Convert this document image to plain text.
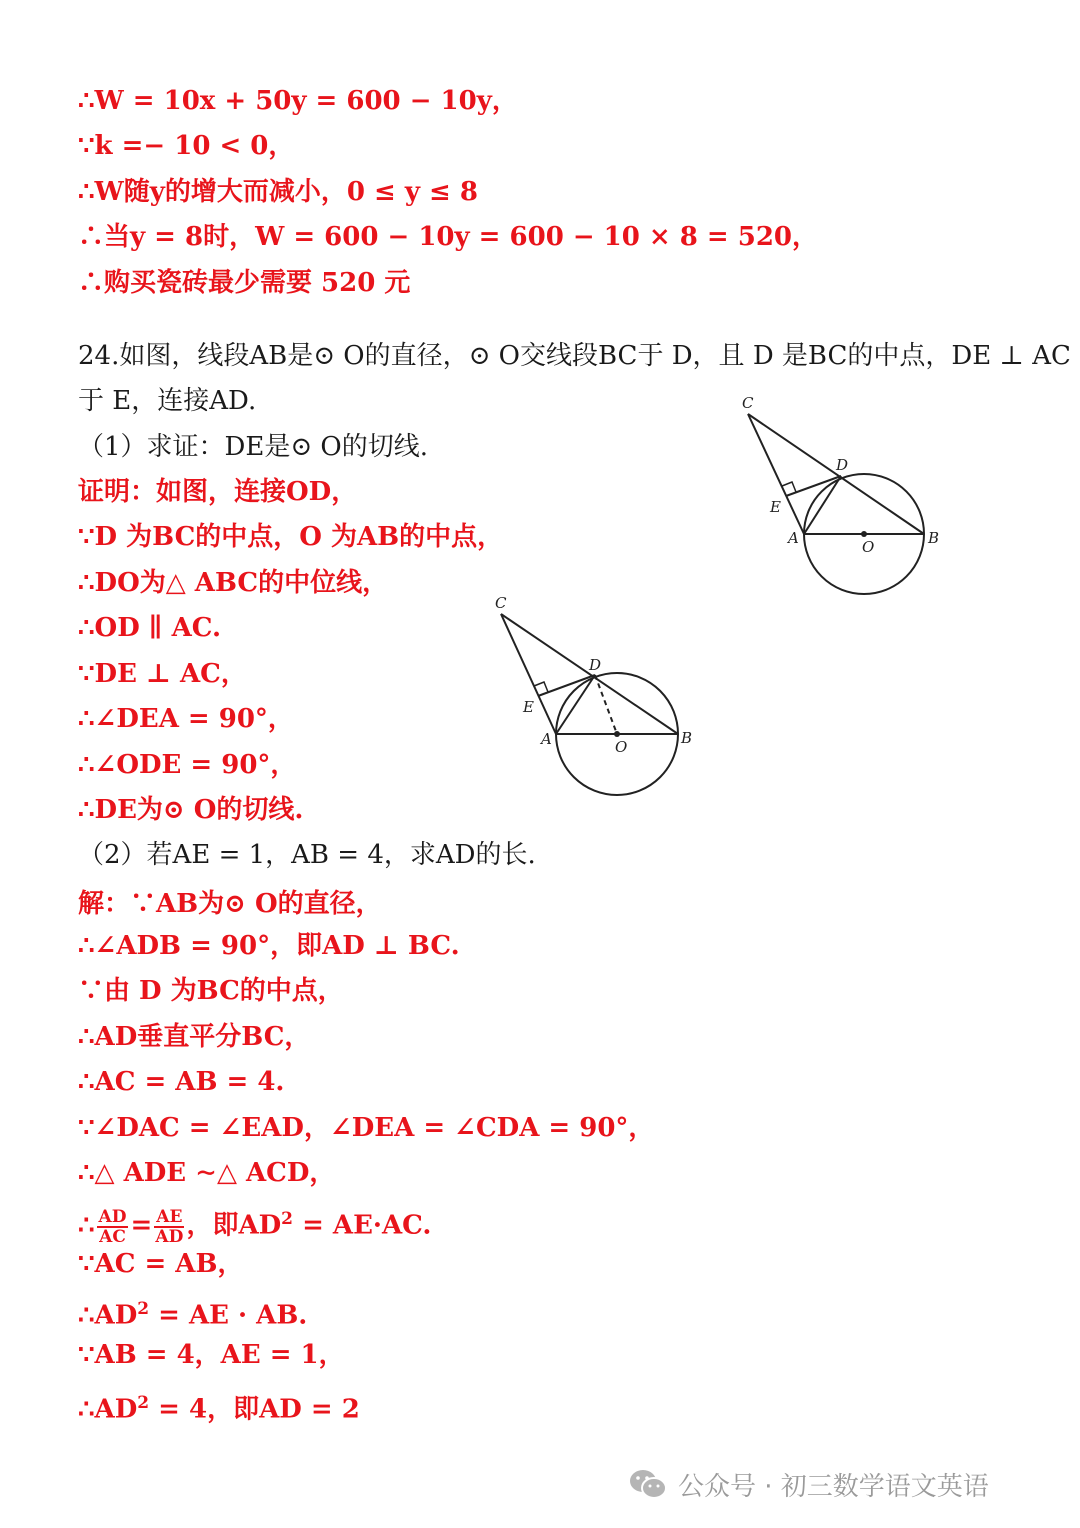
∴W = 10x + 50y = 600 − 10y，
∵k =− 10 < 0，
∴W随y的增大而减小，0 ≤ y ≤ 8
∴当y = 8时，W = 600 − 10y = 600 − 10 × 8 = 520，
∴购买瓷砖最少需要 520 元
24.如图，线段AB是⊙ O的直径，⊙ O交线段BC于 D，且 D 是BC的中点，DE ⊥ AC
于 E，连接AD.
（1）求证：DE是⊙ O的切线.
证明：如图，连接OD，
∵D 为BC的中点，O 为AB的中点，
∴DO为△ ABC的中位线，
∴OD ∥ AC.
∵DE ⊥ AC，
∴∠DEA = 90°，
∴∠ODE = 90°，
∴DE为⊙ O的切线.
（2）若AE = 1，AB = 4，求AD的长.
解：∵AB为⊙ O的直径，
∴∠ADB = 90°，即AD ⊥ BC.
∵由 D 为BC的中点，
∴AD垂直平分BC，
∴AC = AB = 4.
∵∠DAC = ∠EAD，∠DEA = ∠CDA = 90°，
∴△ ADE ∼△ ACD，
∴ $\frac{AD}{AC} = \frac{AE}{AD}$ ，即$AD^2 = AE\cdot AC$.
∵AC = AB，
$\therefore AD^2$ = AE · AB.
∵AB = 4，AE = 1，
$\therefore AD^2 = 4$，即AD = 2
C
D
E
A	O	B
C
D
E
A	O	B
公众号 · 初三数学语文英语
